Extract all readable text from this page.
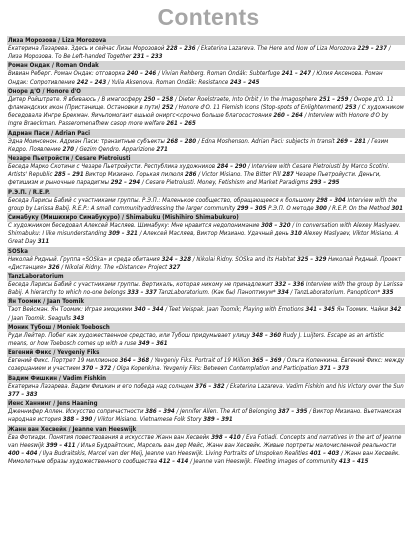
Contents
Лиза Морозова / Liza Morozova
Екатерина Лазарева. Здесь и сейчас Лизы Морозовой 228 – 236 / Ekaterina Lazareva. The Here and Now of Liza Morozova 229 – 237 / Лиза Морозова. То Be Left-handed Together 231 – 233
Роман Ондак / Roman Ondak
Вивиан Реберг. Роман Ондак: отговорка 240 – 246 / Vivian Rehberg. Roman Ondák: Subterfuge 241 – 247 / Юлия Аксенова. Роман Ондак: Сопротивление 242 – 243 / Yulia Aksenova. Roman Ondák: Resistance 243 – 245
Оноре д'О / Honore d'O
Дитер Ройштрате. Я вбиваюсь / В имагосферу 250 – 258 / Dieter Roelstraete, Into Orbit / In the Imagosphere 251 – 259 / Оноре д'О. 11 фламандских икон (Пристанище. Остановки в пути) 252 / Honore d'O. 11 Flemish Icons (Stop-spots of Enlightenment) 253 / С художником беседовала Ингре Брекман. Яичьпомогаит ешьюй ониргс<срочно больше благосостояния 260 – 264 / Interview with Honore d'O by Ingre Braeckman. Passeromenafhew casop more welfare 261 – 265
Адриан Паси / Adrian Paci
Эдна Моинсенон. Адриан Паси: транзитные субъекты 268 – 280 / Edna Moshenson. Adrian Paci: subjects in transit 269 – 281 / Гезим Кедро. Появление 270 / Gezim Qendro. Apparizione 271
Чезаре Пьетройсти / Cesare Pietroiusti
Беседа Марко Скотини с Чезаре Пьетройусти. Республика художников 284 – 290 / Interview with Cesare Pietroiusti by Marco Scotini. Artists' Republic 285 – 291 Виктор Мизиано. Горькая пилюля 286 / Victor Misiano. The Bitter Pill 287 Чезаре Пьетройусти. Деньги, фетишизм и рыночные парадигмы 292 – 294 / Cesare Pietroiusti. Money, Fetishism and Market Paradigms 293 – 295
Р.Э.П. / R.E.P.
Беседа Ларисы Бабий с участниками группы. Р.Э.П.: Маленькое сообщество, обращающееся к большому 298 – 304 Interview with the group by Larissa Babij. R.E.P.: A small communityaddressing the larger community 299 – 305 Р.Э.П. О методе 300 / R.E.P. On the Method 301
Симабуку (Мишихиро Симабукуро) / Shimabuku (Mishihiro Shimabukuro)
С художником беседовал Алексей Масляев. Шимабуку: Мне нравится недопонимание 308 – 320 / In conversation with Alexey Maslyaev. Shimabuku: I like misunderstanding 309 – 321 / Алексей Масляев, Виктор Мизиано. Удачный день 310 Alexey Maslyaev, Viktor Misiano. A Great Day 311
SOSka
Николай Ридный. Группа «SOSka» и среда обитания 324 – 328 / Nikolai Ridny. SOSka and its Habitat 325 – 329 Николай Ридный. Проект «Дистанция» 326 / Nikolai Ridny. The «Distance» Project 327
TanzLaboratorium
Беседа Ларисы Бабий с участниками группы. Вертикаль, которая никому не принадлежит 332 – 336 Interview with the group by Larissa Babij. A hierarchy to which no-one belongs 333 – 337 TanzLaboratorium. (Как бы) Паноптикум* 334 / TanzLaboratorium. Panopticon* 335
Ян Тоомик / Jaan Toomik
Тэот Вейсман. Ян Тоомик: Играя эмоциями 340 – 344 / Teet Veispak. Jaan Toomik; Playing with Emotions 341 – 345 Ян Тоомик. Чайки 342 / Jaan Toomik. Seagulls 343
Моник Тубош / Moniek Toebosch
Руди Лейтер. Побег как художественное средство, или Тубош придумывает улицу 348 – 360 Rudy J. Luijters. Escape as an artistic means, or how Toebosch comes up with a ruse 349 – 361
Евгений Фикс / Yevgeniy Fiks
Евгений Фикс. Портрет 19 миллионов 364 – 368 / Yevgeniy Fiks. Portrait of 19 Million 365 – 369 / Ольга Копенкина. Евгений Фикс: между созерцанием и участием 370 – 372 / Olga Kopenkina. Yevgeniy Fiks: Between Contemplation and Participation 371 – 373
Вадим Фишкин / Vadim Fishkin
Екатерина Лазарева. Вадим Фишкин и его победа над солнцем 376 – 382 / Ekaterina Lazareva. Vadim Fishkin and his Victory over the Sun 377 – 383
Йенс Ханнинг / Jens Haaning
Дженнифер Аллен. Искусство сопричастности 386 – 394 / Jennifer Allen. The Art of Belonging 387 – 395 / Виктор Мизиано. Вьетнамская народная история 388 – 390 / Viktor Misiano. Vietnamese Folk Story 389 – 391
Жанн ван Хесвейк / Jeanne van Heeswijk
Ева Фотиади. Понятия повествования в искусстве Жанн ван Хесвейк 398 – 410 / Eva Fotiadi. Concepts and narratives in the art of Jeanne van Heeswijk 399 – 411 / Илья Будрайтскис, Марсель ван дер Мейс, Жанн ван Хесвейк. Живые портреты малочисленной реальности 400 – 404 / Ilya Budraitskis, Marcel van der Meij, Jeanne van Heeswijk. Living Portraits of Unspoken Realities 401 – 403 / Жанн ван Хесвейк. Мимолетные образы художественного сообщества 412 – 414 / Jeanne van Heeswijk. Fleeting images of community 413 – 415
